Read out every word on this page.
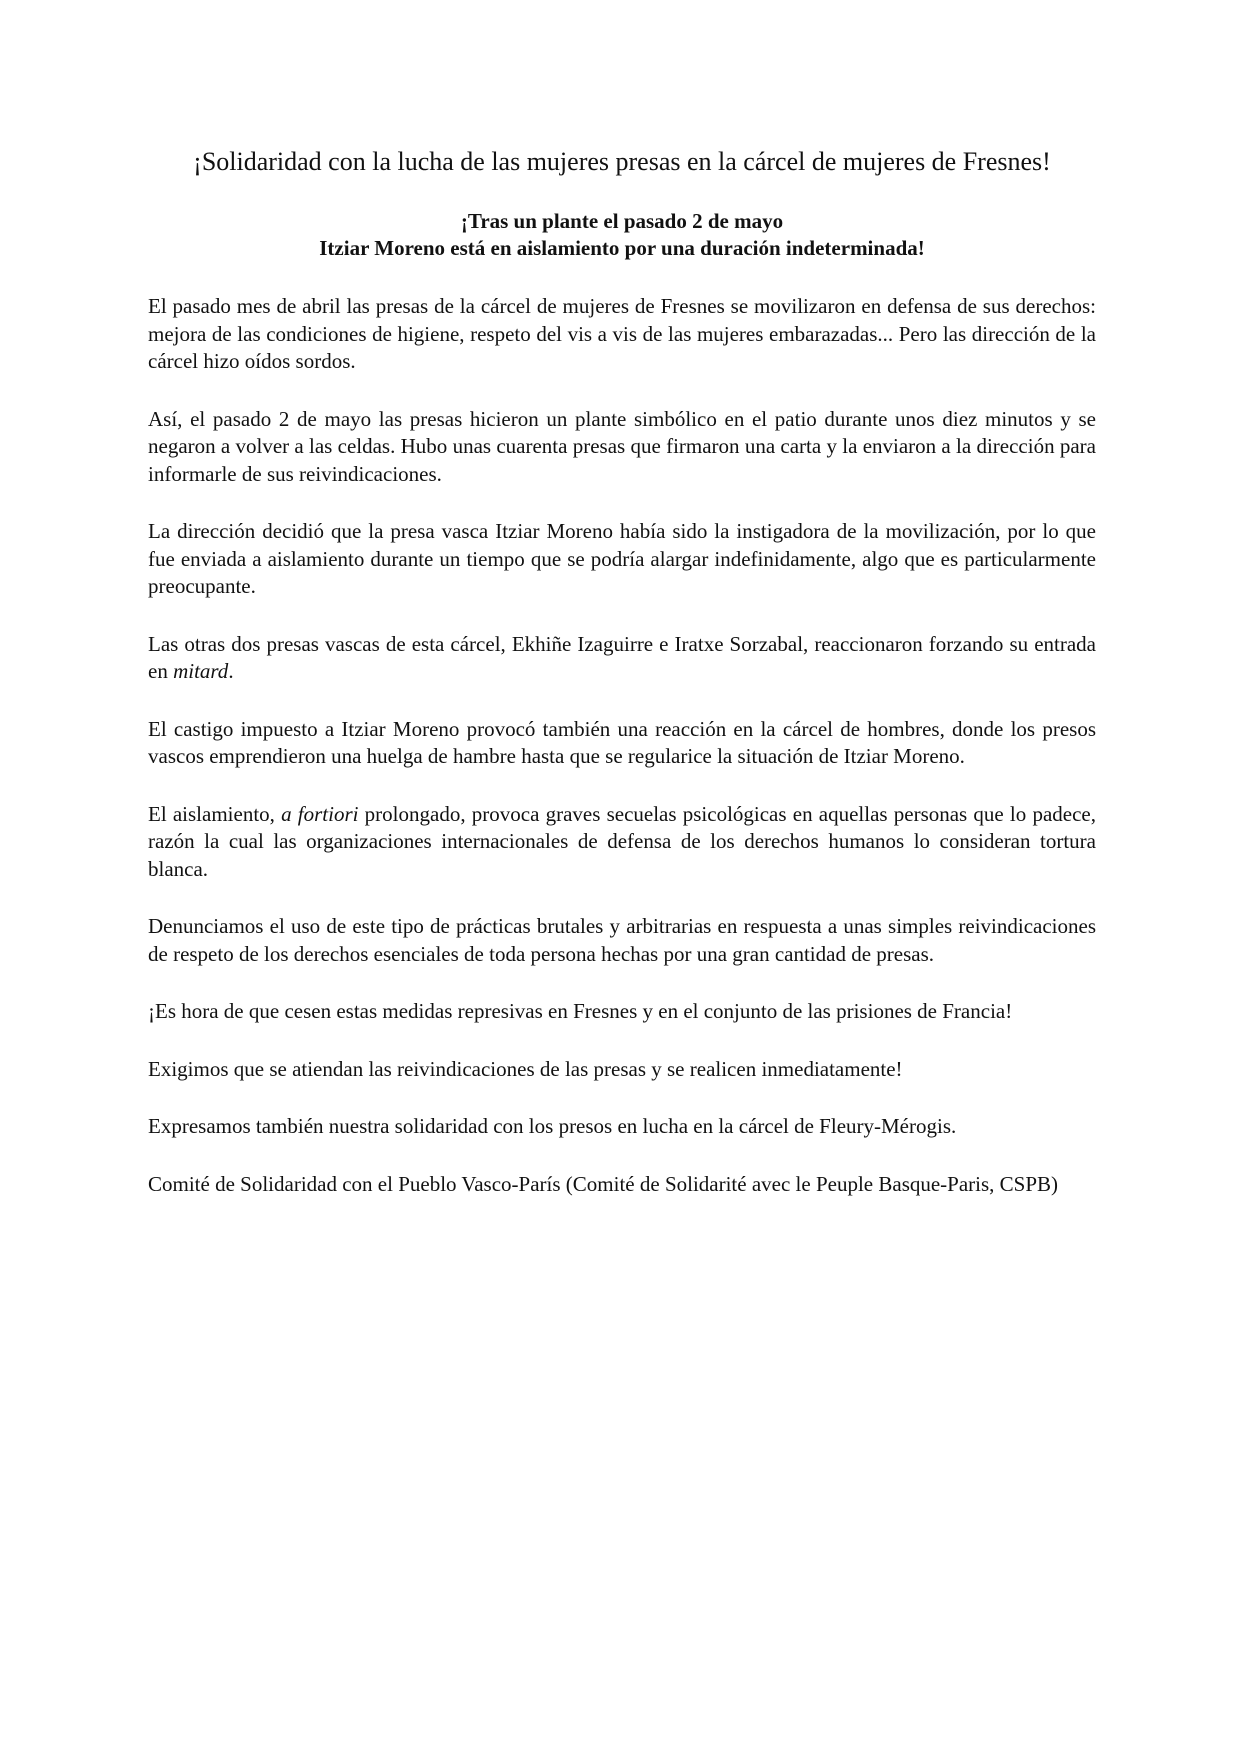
¡Solidaridad con la lucha de las mujeres presas en la cárcel de mujeres de Fresnes!
¡Tras un plante el pasado 2 de mayo
Itziar Moreno está en aislamiento por una duración indeterminada!

El pasado mes de abril las presas de la cárcel de mujeres de Fresnes se movilizaron en defensa de sus derechos: mejora de las condiciones de higiene, respeto del vis a vis de las mujeres embarazadas... Pero las dirección de la cárcel hizo oídos sordos.

Así, el pasado 2 de mayo las presas hicieron un plante simbólico en el patio durante unos diez minutos y se negaron a volver a las celdas. Hubo unas cuarenta presas que firmaron una carta y la enviaron a la dirección para informarle de sus reivindicaciones.

La dirección decidió que la presa vasca Itziar Moreno había sido la instigadora de la movilización, por lo que fue enviada a aislamiento durante un tiempo que se podría alargar indefinidamente, algo que es particularmente preocupante.

Las otras dos presas vascas de esta cárcel, Ekhiñe Izaguirre e Iratxe Sorzabal, reaccionaron forzando su entrada en mitard.

El castigo impuesto a Itziar Moreno provocó también una reacción en la cárcel de hombres, donde los presos vascos emprendieron una huelga de hambre hasta que se regularice la situación de Itziar Moreno.

El aislamiento, a fortiori prolongado, provoca graves secuelas psicológicas en aquellas personas que lo padece, razón la cual las organizaciones internacionales de defensa de los derechos humanos lo consideran tortura blanca.

Denunciamos el uso de este tipo de prácticas brutales y arbitrarias en respuesta a unas simples reivindicaciones de respeto de los derechos esenciales de toda persona hechas por una gran cantidad de presas.

¡Es hora de que cesen estas medidas represivas en Fresnes y en el conjunto de las prisiones de Francia!

Exigimos que se atiendan las reivindicaciones de las presas y se realicen inmediatamente!

Expresamos también nuestra solidaridad con los presos en lucha en la cárcel de Fleury-Mérogis.

Comité de Solidaridad con el Pueblo Vasco-París (Comité de Solidarité avec le Peuple Basque-Paris, CSPB)
